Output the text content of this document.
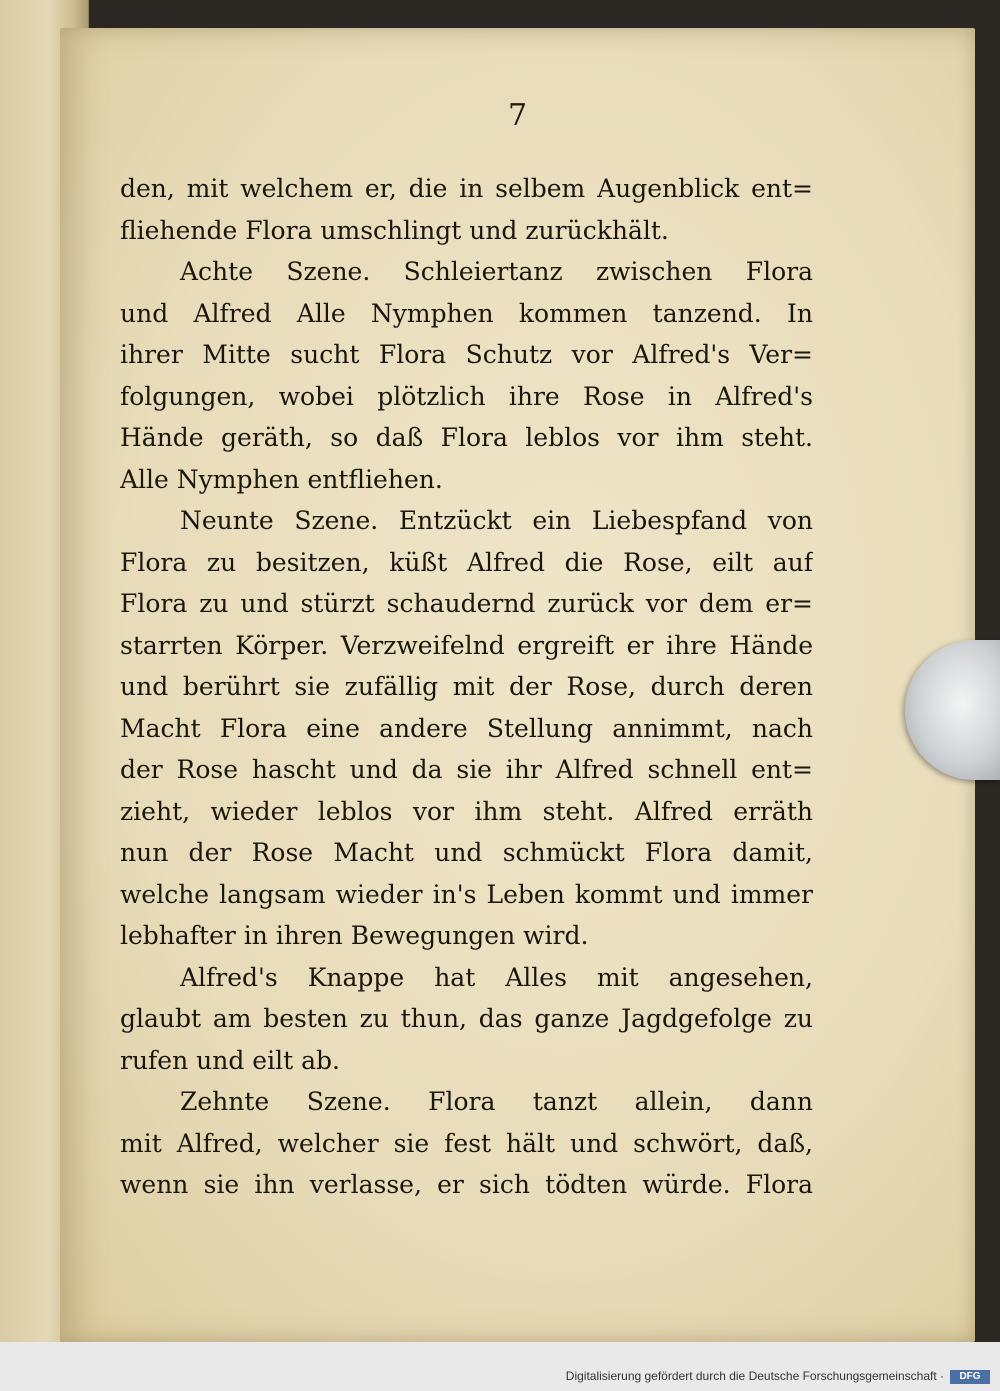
7
den, mit welchem er, die in selbem Augenblick ent=
fliehende Flora umschlingt und zurückhält.
Achte Szene. Schleiertanz zwischen Flora
und Alfred Alle Nymphen kommen tanzend. In
ihrer Mitte sucht Flora Schutz vor Alfred's Ver=
folgungen, wobei plötzlich ihre Rose in Alfred's
Hände geräth, so daß Flora leblos vor ihm steht.
Alle Nymphen entfliehen.
Neunte Szene. Entzückt ein Liebespfand von
Flora zu besitzen, küßt Alfred die Rose, eilt auf
Flora zu und stürzt schaudernd zurück vor dem er=
starrten Körper. Verzweifelnd ergreift er ihre Hände
und berührt sie zufällig mit der Rose, durch deren
Macht Flora eine andere Stellung annimmt, nach
der Rose hascht und da sie ihr Alfred schnell ent=
zieht, wieder leblos vor ihm steht. Alfred erräth
nun der Rose Macht und schmückt Flora damit,
welche langsam wieder in's Leben kommt und immer
lebhafter in ihren Bewegungen wird.
Alfred's Knappe hat Alles mit angesehen,
glaubt am besten zu thun, das ganze Jagdgefolge zu
rufen und eilt ab.
Zehnte Szene. Flora tanzt allein, dann
mit Alfred, welcher sie fest hält und schwört, daß,
wenn sie ihn verlasse, er sich tödten würde. Flora
Digitalisierung gefördert durch die Deutsche Forschungsgemeinschaft ·	DFG
